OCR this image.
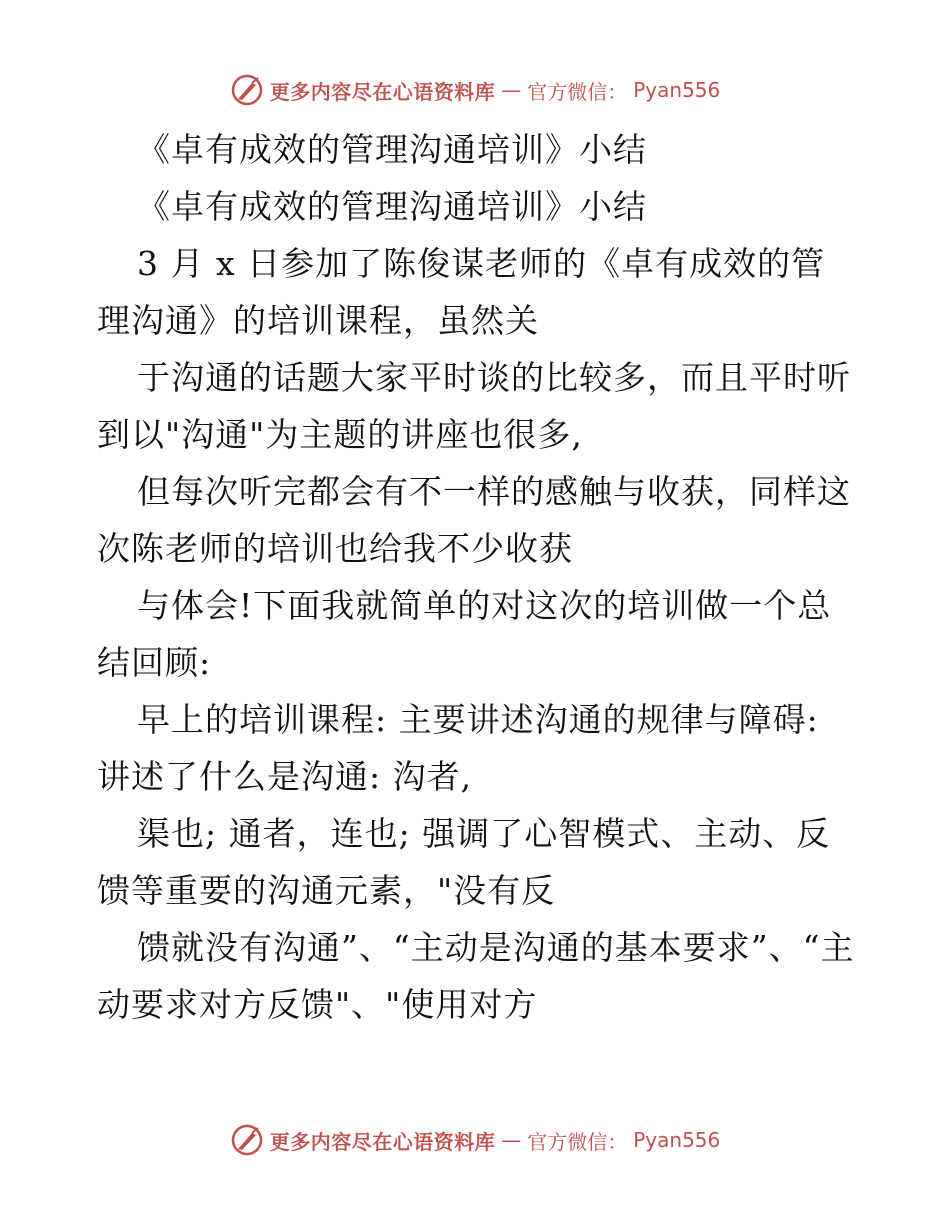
更多内容尽在心语资料库 — 官方微信： Pyan556

《卓有成效的管理沟通培训》小结

《卓有成效的管理沟通培训》小结

3 月 x 日参加了陈俊谋老师的《卓有成效的管理沟通》的培训课程，虽然关

于沟通的话题大家平时谈的比较多，而且平时听到以"沟通"为主题的讲座也很多,

但每次听完都会有不一样的感触与收获，同样这次陈老师的培训也给我不少收获

与体会!下面我就简单的对这次的培训做一个总结回顾:

早上的培训课程: 主要讲述沟通的规律与障碍: 讲述了什么是沟通: 沟者,

渠也; 通者，连也; 强调了心智模式、主动、反馈等重要的沟通元素，"没有反

馈就没有沟通”、“主动是沟通的基本要求”、“主动要求对方反馈"、"使用对方

更多内容尽在心语资料库 — 官方微信： Pyan556
